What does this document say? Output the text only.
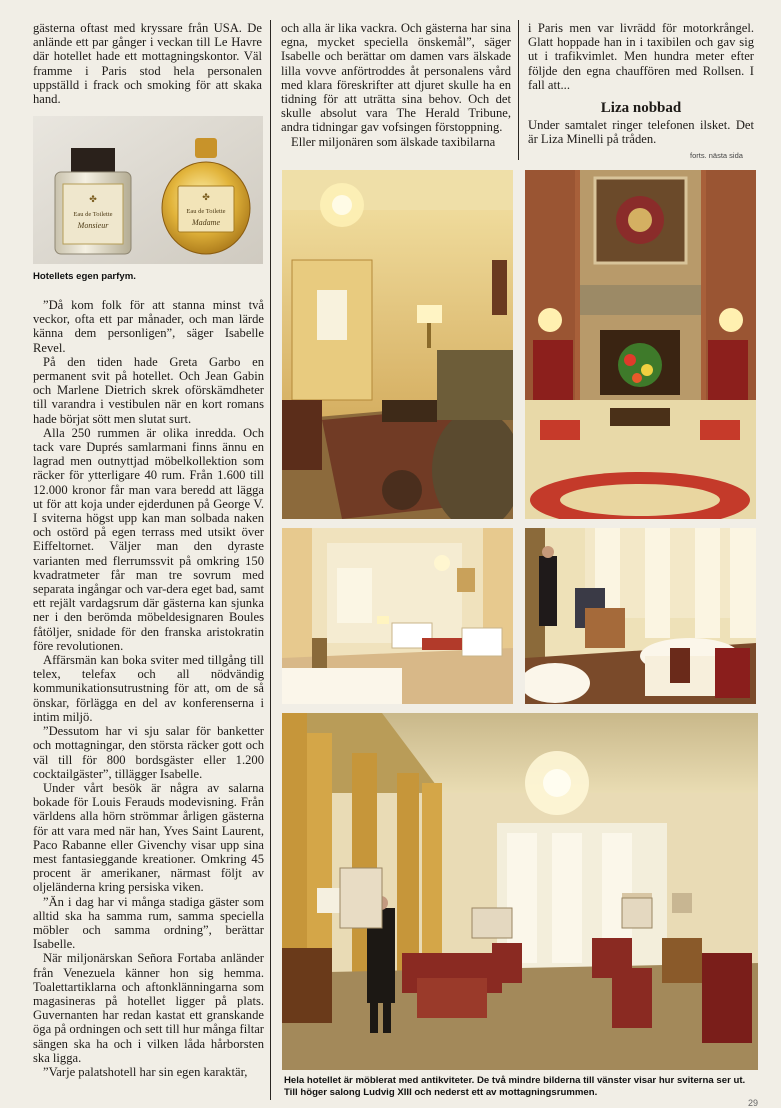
gästerna oftast med kryssare från USA. De anlände ett par gånger i veckan till Le Havre där hotellet hade ett mottagningskontor. Väl framme i Paris stod hela personalen uppställd i frack och smoking för att skaka hand.

✤
Eau de Toilette
Monsieur
✤
Eau de Toilette
Madame
Hotellets egen parfym.

”Då kom folk för att stanna minst två veckor, ofta ett par månader, och man lärde känna dem personligen”, säger Isabelle Revel.

På den tiden hade Greta Garbo en permanent svit på hotellet. Och Jean Gabin och Marlene Dietrich skrek oförskämdheter till varandra i vestibulen när en kort romans hade börjat sött men slutat surt.

Alla 250 rummen är olika inredda. Och tack vare Duprés samlarmani finns ännu en lagrad men outnyttjad möbelkollektion som räcker för ytterligare 40 rum. Från 1.600 till 12.000 kronor får man vara beredd att lägga ut för att koja under ejderdunen på George V. I sviterna högst upp kan man solbada naken och ostörd på egen terrass med utsikt över Eiffeltornet. Väljer man den dyraste varianten med flerrumssvit på omkring 150 kvadratmeter får man tre sovrum med separata ingångar och var-dera eget bad, samt ett rejält vardagsrum där gästerna kan sjunka ner i den berömda möbeldesignaren Boules fåtöljer, snidade för den franska aristokratin före revolutionen.

Affärsmän kan boka sviter med tillgång till telex, telefax och all nödvändig kommunikationsutrustning för att, om de så önskar, förlägga en del av konferenserna i intim miljö.

”Dessutom har vi sju salar för banketter och mottagningar, den största räcker gott och väl till för 800 bordsgäster eller 1.200 cocktailgäster”, tillägger Isabelle.

Under vårt besök är några av salarna bokade för Louis Ferauds modevisning. Från världens alla hörn strömmar årligen gästerna för att vara med när han, Yves Saint Laurent, Paco Rabanne eller Givenchy visar upp sina mest fantasieggande kreationer. Omkring 45 procent är amerikaner, närmast följt av oljeländerna kring persiska viken.

”Än i dag har vi många stadiga gäster som alltid ska ha samma rum, samma speciella möbler och samma ordning”, berättar Isabelle.

När miljonärskan Señora Fortaba anländer från Venezuela känner hon sig hemma. Toalettartiklarna och aftonklänningarna som magasineras på hotellet ligger på plats. Guvernanten har redan kastat ett granskande öga på ordningen och sett till hur många filtar sängen ska ha och i vilken låda hårborsten ska ligga.

”Varje palatshotell har sin egen karaktär,

och alla är lika vackra. Och gästerna har sina egna, mycket speciella önskemål”, säger Isabelle och berättar om damen vars älskade lilla vovve anförtroddes åt personalens vård med klara föreskrifter att djuret skulle ha en tidning för att uträtta sina behov. Och det skulle absolut vara The Herald Tribune, andra tidningar gav vofsingen förstoppning.

Eller miljonären som älskade taxibilarna

i Paris men var livrädd för motorkrångel. Glatt hoppade han in i taxibilen och gav sig ut i trafikvimlet. Men hundra meter efter följde den egna chauffören med Rollsen. I fall att...

Liza nobbad

Under samtalet ringer telefonen ilsket. Det är Liza Minelli på tråden.

forts. nästa sida
Hela hotellet är möblerat med antikviteter. De två mindre bilderna till vänster visar hur sviterna ser ut. Till höger salong Ludvig XIII och nederst ett av mottagningsrummen.
29
